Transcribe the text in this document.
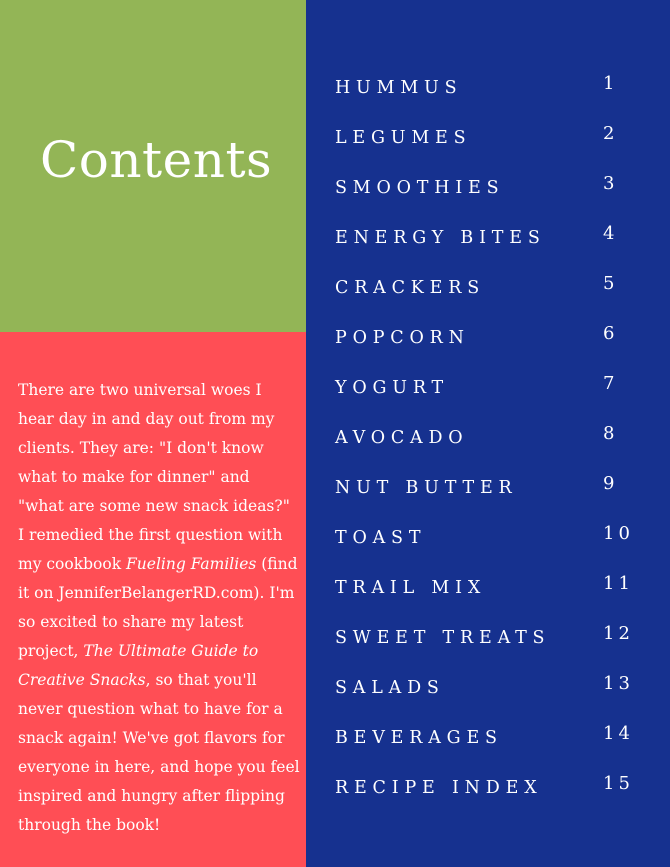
Contents

There are two universal woes I hear day in and day out from my clients. They are: "I don't know what to make for dinner" and "what are some new snack ideas?" I remedied the first question with my cookbook Fueling Families (find it on JenniferBelangerRD.com). I'm so excited to share my latest project, The Ultimate Guide to Creative Snacks, so that you'll never question what to have for a snack again! We've got flavors for everyone in here, and hope you feel inspired and hungry after flipping through the book!

HUMMUS	1
LEGUMES	2
SMOOTHIES	3
ENERGY BITES	4
CRACKERS	5
POPCORN	6
YOGURT	7
AVOCADO	8
NUT BUTTER	9
TOAST	10
TRAIL MIX	11
SWEET TREATS	12
SALADS	13
BEVERAGES	14
RECIPE INDEX	15
